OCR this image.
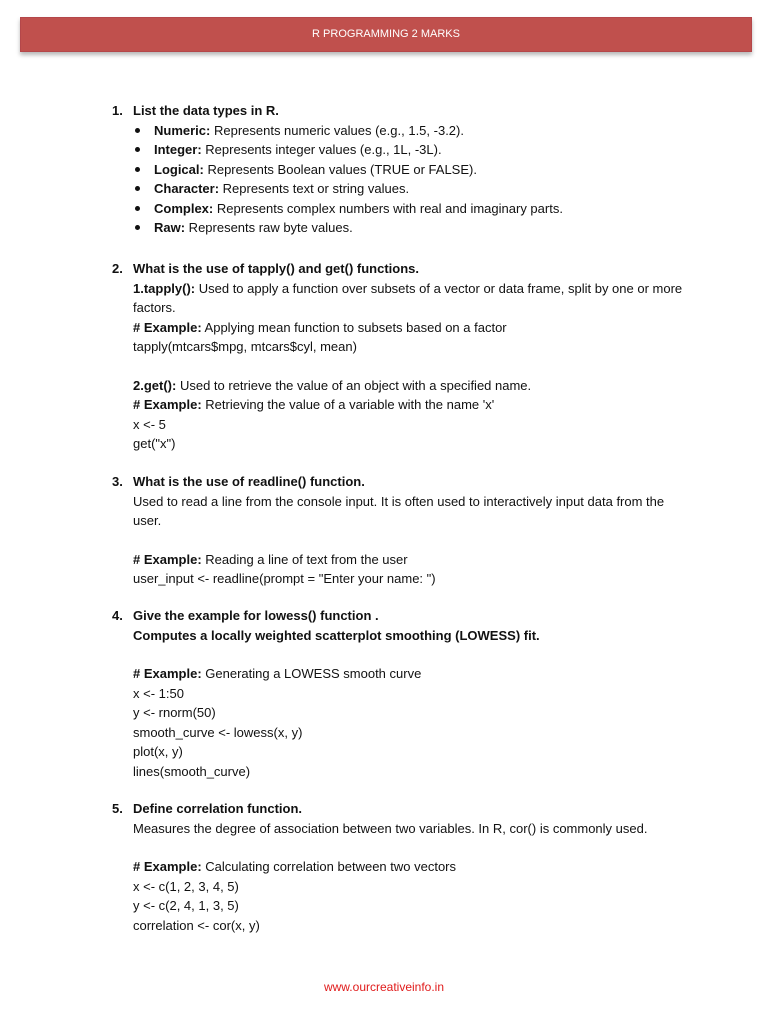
R PROGRAMMING 2 MARKS
1. List the data types in R.
Numeric: Represents numeric values (e.g., 1.5, -3.2).
Integer: Represents integer values (e.g., 1L, -3L).
Logical: Represents Boolean values (TRUE or FALSE).
Character: Represents text or string values.
Complex: Represents complex numbers with real and imaginary parts.
Raw: Represents raw byte values.
2. What is the use of tapply() and get() functions.
1.tapply(): Used to apply a function over subsets of a vector or data frame, split by one or more factors.
# Example: Applying mean function to subsets based on a factor
tapply(mtcars$mpg, mtcars$cyl, mean)
2.get(): Used to retrieve the value of an object with a specified name.
# Example: Retrieving the value of a variable with the name 'x'
x <- 5
get("x")
3. What is the use of readline() function.
Used to read a line from the console input. It is often used to interactively input data from the user.
# Example: Reading a line of text from the user
user_input <- readline(prompt = "Enter your name: ")
4. Give the example for lowess() function .
Computes a locally weighted scatterplot smoothing (LOWESS) fit.
# Example: Generating a LOWESS smooth curve
x <- 1:50
y <- rnorm(50)
smooth_curve <- lowess(x, y)
plot(x, y)
lines(smooth_curve)
5. Define correlation function.
Measures the degree of association between two variables. In R, cor() is commonly used.
# Example: Calculating correlation between two vectors
x <- c(1, 2, 3, 4, 5)
y <- c(2, 4, 1, 3, 5)
correlation <- cor(x, y)
www.ourcreativeinfo.in
